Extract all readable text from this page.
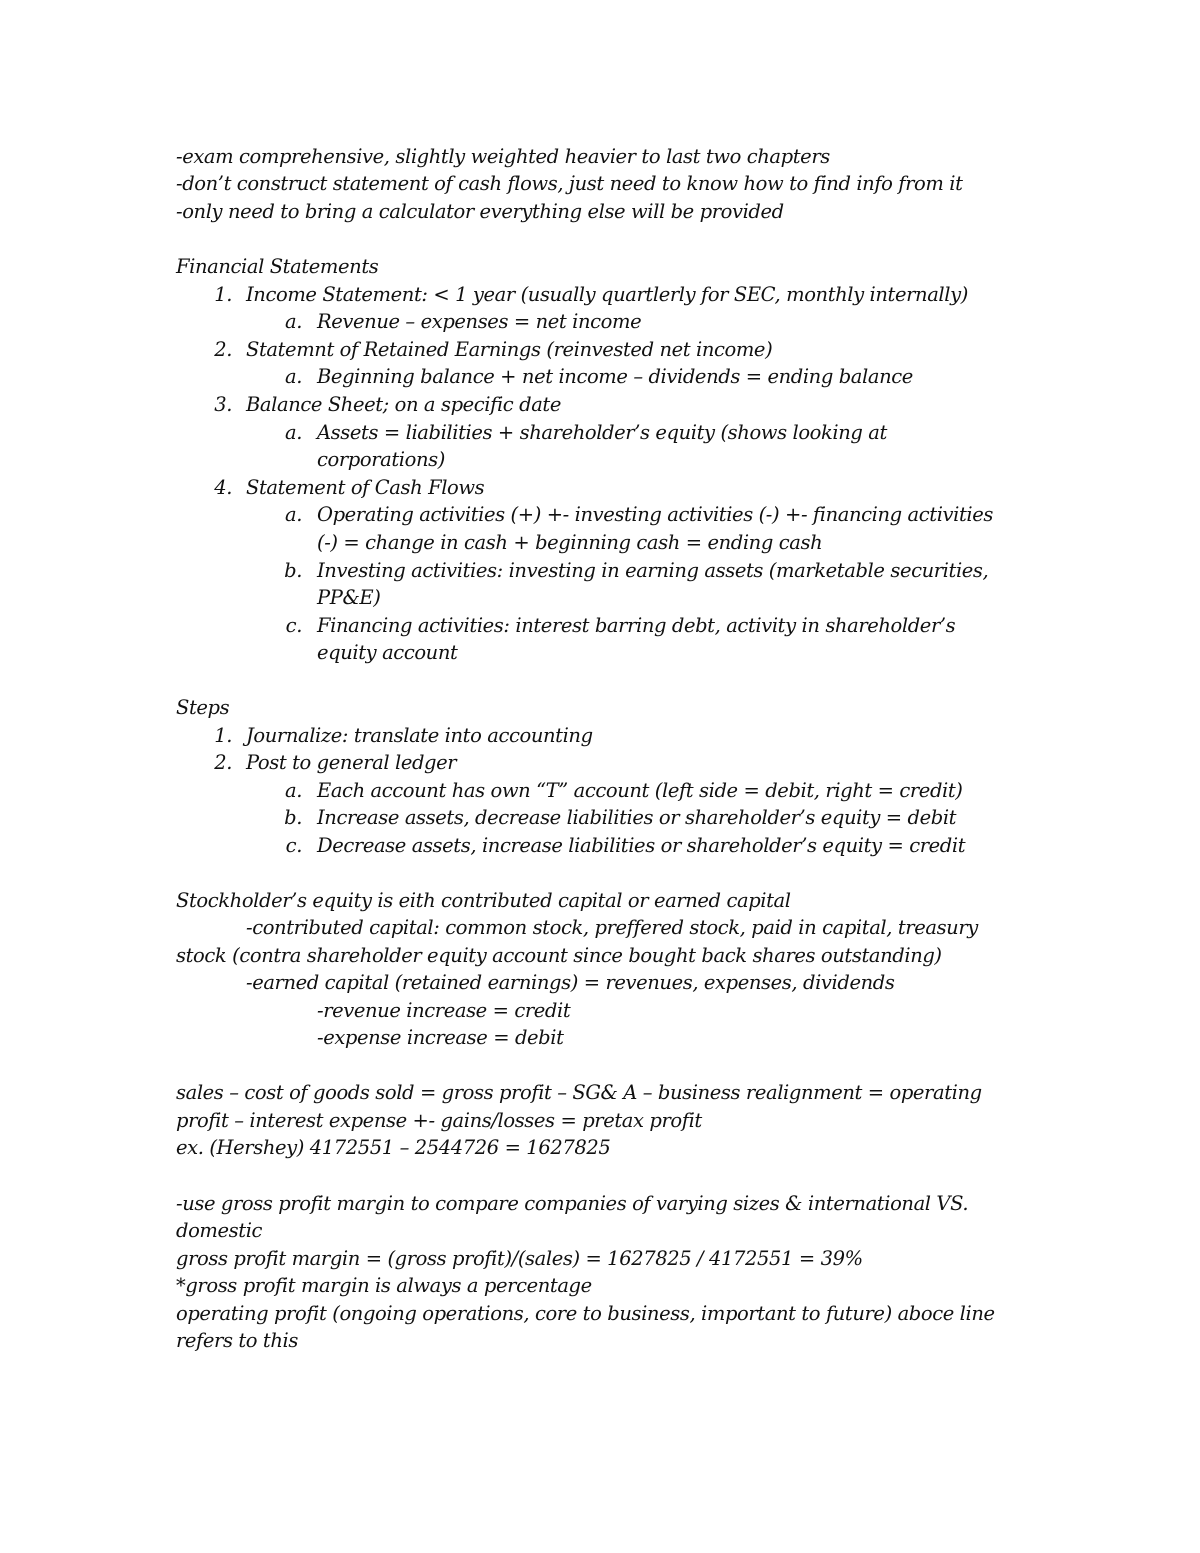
-exam comprehensive, slightly weighted heavier to last two chapters
-don’t construct statement of cash flows, just need to know how to find info from it
-only need to bring a calculator everything else will be provided
Financial Statements
1. Income Statement: < 1 year (usually quartlerly for SEC, monthly internally)
a. Revenue – expenses = net income
2. Statemnt of Retained Earnings (reinvested net income)
a. Beginning balance + net income – dividends = ending balance
3. Balance Sheet; on a specific date
a. Assets = liabilities + shareholder’s equity (shows looking at
corporations)
4. Statement of Cash Flows
a. Operating activities (+) +- investing activities (-) +- financing activities
(-) = change in cash + beginning cash = ending cash
b. Investing activities: investing in earning assets (marketable securities,
PP&E)
c. Financing activities: interest barring debt, activity in shareholder’s
equity account
Steps
1. Journalize: translate into accounting
2. Post to general ledger
a. Each account has own “T” account (left side = debit, right = credit)
b. Increase assets, decrease liabilities or shareholder’s equity = debit
c. Decrease assets, increase liabilities or shareholder’s equity = credit
Stockholder’s equity is eith contributed capital or earned capital
-contributed capital: common stock, preffered stock, paid in capital, treasury
stock (contra shareholder equity account since bought back shares outstanding)
-earned capital (retained earnings) = revenues, expenses, dividends
-revenue increase = credit
-expense increase = debit
sales – cost of goods sold = gross profit – SG& A – business realignment = operating
profit – interest expense +- gains/losses = pretax profit
ex. (Hershey) 4172551 – 2544726 = 1627825
-use gross profit margin to compare companies of varying sizes & international VS.
domestic
gross profit margin = (gross profit)/(sales) = 1627825 / 4172551 = 39%
*gross profit margin is always a percentage
operating profit (ongoing operations, core to business, important to future) aboce line
refers to this
